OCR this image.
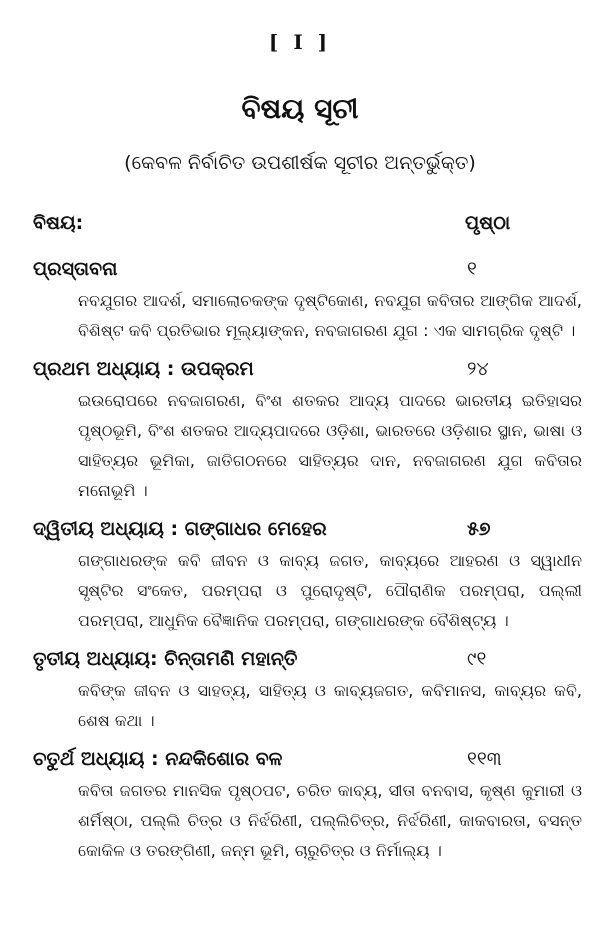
[ I ]
ବିଷୟ ସୂଚୀ
(କେବଳ ନିର୍ବାଚିତ ଉପଶୀର୍ଷକ ସୂଚୀର ଅନ୍ତର୍ଭୁକ୍ତ)
ବିଷୟ:	ପୃଷ୍ଠା
ପ୍ରସ୍ତାବନା	୧
ନବଯୁଗର ଆଦର୍ଶ, ସମାଲୋଚକଙ୍କ ଦୃଷ୍ଟିକୋଣ, ନବଯୁଗ କବିତାର ଆଙ୍ଗିକ ଆଦର୍ଶ, ବିଶିଷ୍ଟ କବି ପ୍ରତିଭାର ମୂଲ୍ୟାଙ୍କନ, ନବଜାଗରଣ ଯୁଗ : ଏକ ସାମଗ୍ରିକ ଦୃଷ୍ଟି ।
ପ୍ରଥମ ଅଧ୍ୟାୟ : ଉପକ୍ରମ	୨୪
ଇଉରୋପରେ ନବଜାଗରଣ, ବିଂଶ ଶତକର ଆଦ୍ୟ ପାଦରେ ଭାରତୀୟ ଇତିହାସର ପୃଷ୍ଠଭୂମି, ବିଂଶ ଶତକର ଆଦ୍ୟପାଦରେ ଓଡ଼ିଶା, ଭାରତରେ ଓଡ଼ିଶାର ସ୍ଥାନ, ଭାଷା ଓ ସାହିତ୍ୟର ଭୂମିକା, ଜାତିଗଠନରେ ସାହିତ୍ୟର ଦାନ, ନବଜାଗରଣ ଯୁଗ କବିତାର ମନୋଭୂମି ।
ଦ୍ୱିତୀୟ ଅଧ୍ୟାୟ : ଗଙ୍ଗାଧର ମେହେର	୫୭
ଗଙ୍ଗାଧରଙ୍କ କବି ଜୀବନ ଓ କାବ୍ୟ ଜଗତ, କାବ୍ୟରେ ଆହରଣ ଓ ସ୍ୱାଧୀନ ସୃଷ୍ଟିର ସଂକେତ, ପରମ୍ପରା ଓ ପୁରୋଦୃଷ୍ଟି, ପୌରାଣିକ ପରମ୍ପରା, ପଲ୍ଲୀ ପରମ୍ପରା, ଆଧୁନିକ ବୈଜ୍ଞାନିକ ପରମ୍ପରା, ଗଙ୍ଗାଧରଙ୍କ ବୈଶିଷ୍ଟ୍ୟ ।
ତୃତୀୟ ଅଧ୍ୟାୟ: ଚିନ୍ତାମଣି ମହାନ୍ତି	୯୧
କବିଙ୍କ ଜୀବନ ଓ ସାହତ୍ୟ, ସାହିତ୍ୟ ଓ କାବ୍ୟଜଗତ, କବିମାନସ, କାବ୍ୟର କବି, ଶେଷ କଥା ।
ଚତୁର୍ଥ ଅଧ୍ୟାୟ : ନନ୍ଦକିଶୋର ବଳ	୧୧୩
କବିତା ଜଗତର ମାନସିକ ପୃଷ୍ଠପଟ, ଚରିତ କାବ୍ୟ, ସୀତା ବନବାସ, କୃଷ୍ଣ କୁମାରୀ ଓ ଶର୍ମିଷ୍ଠା, ପଲ୍ଲି ଚିତ୍ର ଓ ନିର୍ଝରିଣୀ, ପଲ୍ଲିଚିତ୍ର, ନିର୍ଝରିଣୀ, କାକବାରତା, ବସନ୍ତ କୋକିଳ ଓ ତରଙ୍ଗିଣୀ, ଜନ୍ମ ଭୂମି, ଚାରୁଚିତ୍ର ଓ ନିର୍ମାଲ୍ୟ ।
